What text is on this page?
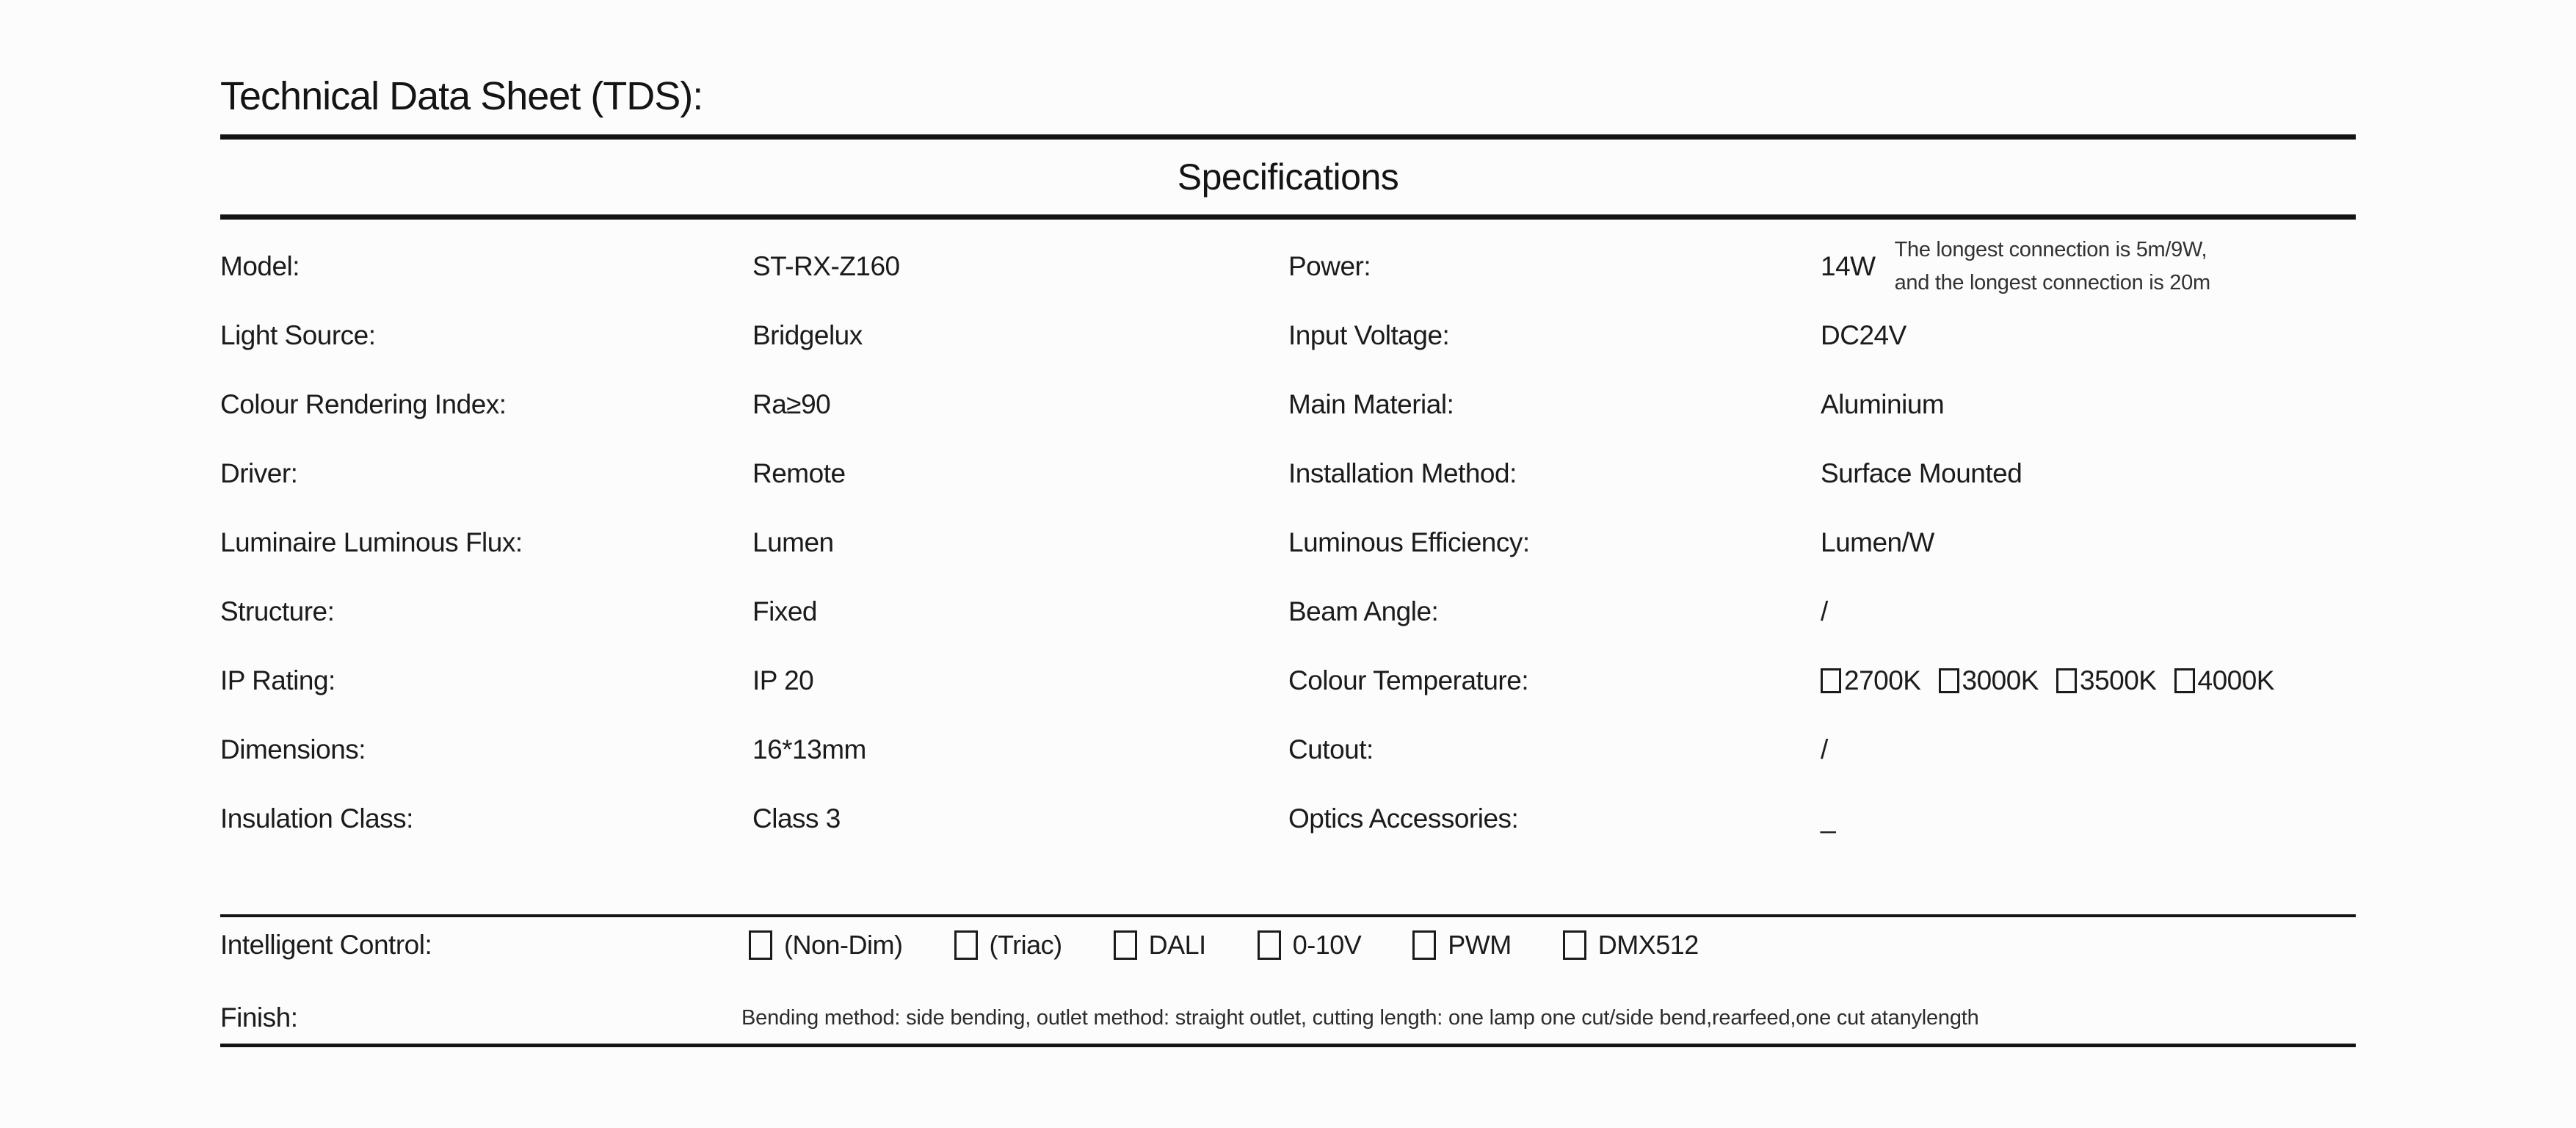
Technical Data Sheet (TDS):
Specifications
Model:	ST-RX-Z160	Power:	14W
The longest connection is 5m/9W,
and the longest connection is 20m
Light Source:	Bridgelux	Input Voltage:	DC24V
Colour Rendering Index:	Ra≥90	Main Material:	Aluminium
Driver:	Remote	Installation Method:	Surface Mounted
Luminaire Luminous Flux:	Lumen	Luminous Efficiency:	Lumen/W
Structure:	Fixed	Beam Angle:	/
IP Rating:	IP 20	Colour Temperature:	2700K 3000K 3500K 4000K
Dimensions:	16*13mm	Cutout:	/
Insulation Class:	Class 3	Optics Accessories:	_
Intelligent Control:	(Non-Dim)	(Triac)	DALI	0-10V	PWM	DMX512
Finish:	Bending method: side bending, outlet method: straight outlet, cutting length: one lamp one cut/side bend,rearfeed,one cut atanylength
